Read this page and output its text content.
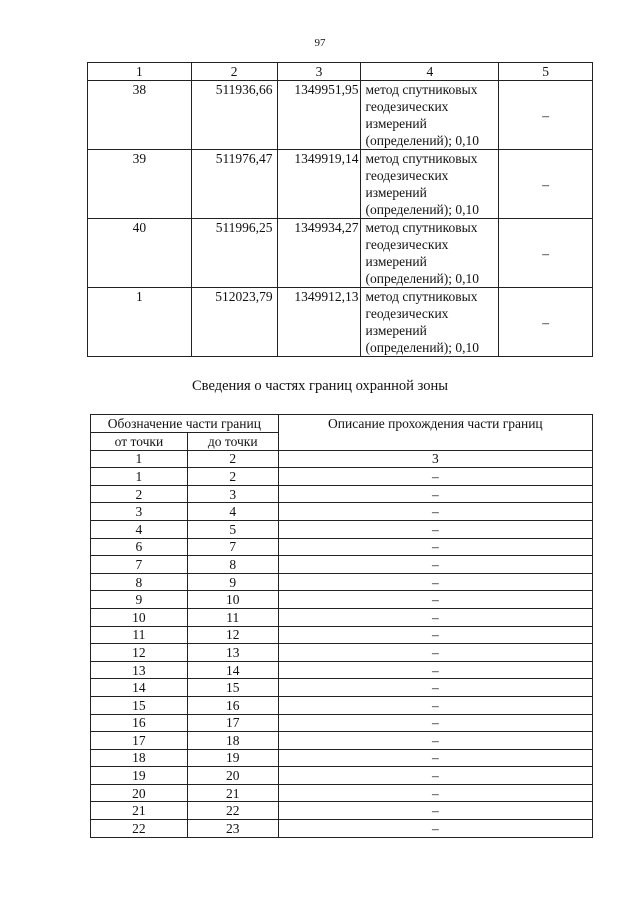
97
1	2	3	4	5
38	511936,66	1349951,95	метод спутниковых
геодезических
измерений
(определений); 0,10	–
39	511976,47	1349919,14	метод спутниковых
геодезических
измерений
(определений); 0,10	–
40	511996,25	1349934,27	метод спутниковых
геодезических
измерений
(определений); 0,10	–
1	512023,79	1349912,13	метод спутниковых
геодезических
измерений
(определений); 0,10	–
Сведения о частях границ охранной зоны
Обозначение части границ		Описание прохождения части границ
от точки	до точки	
1	2	3
1	2	–
2	3	–
3	4	–
4	5	–
6	7	–
7	8	–
8	9	–
9	10	–
10	11	–
11	12	–
12	13	–
13	14	–
14	15	–
15	16	–
16	17	–
17	18	–
18	19	–
19	20	–
20	21	–
21	22	–
22	23	–
